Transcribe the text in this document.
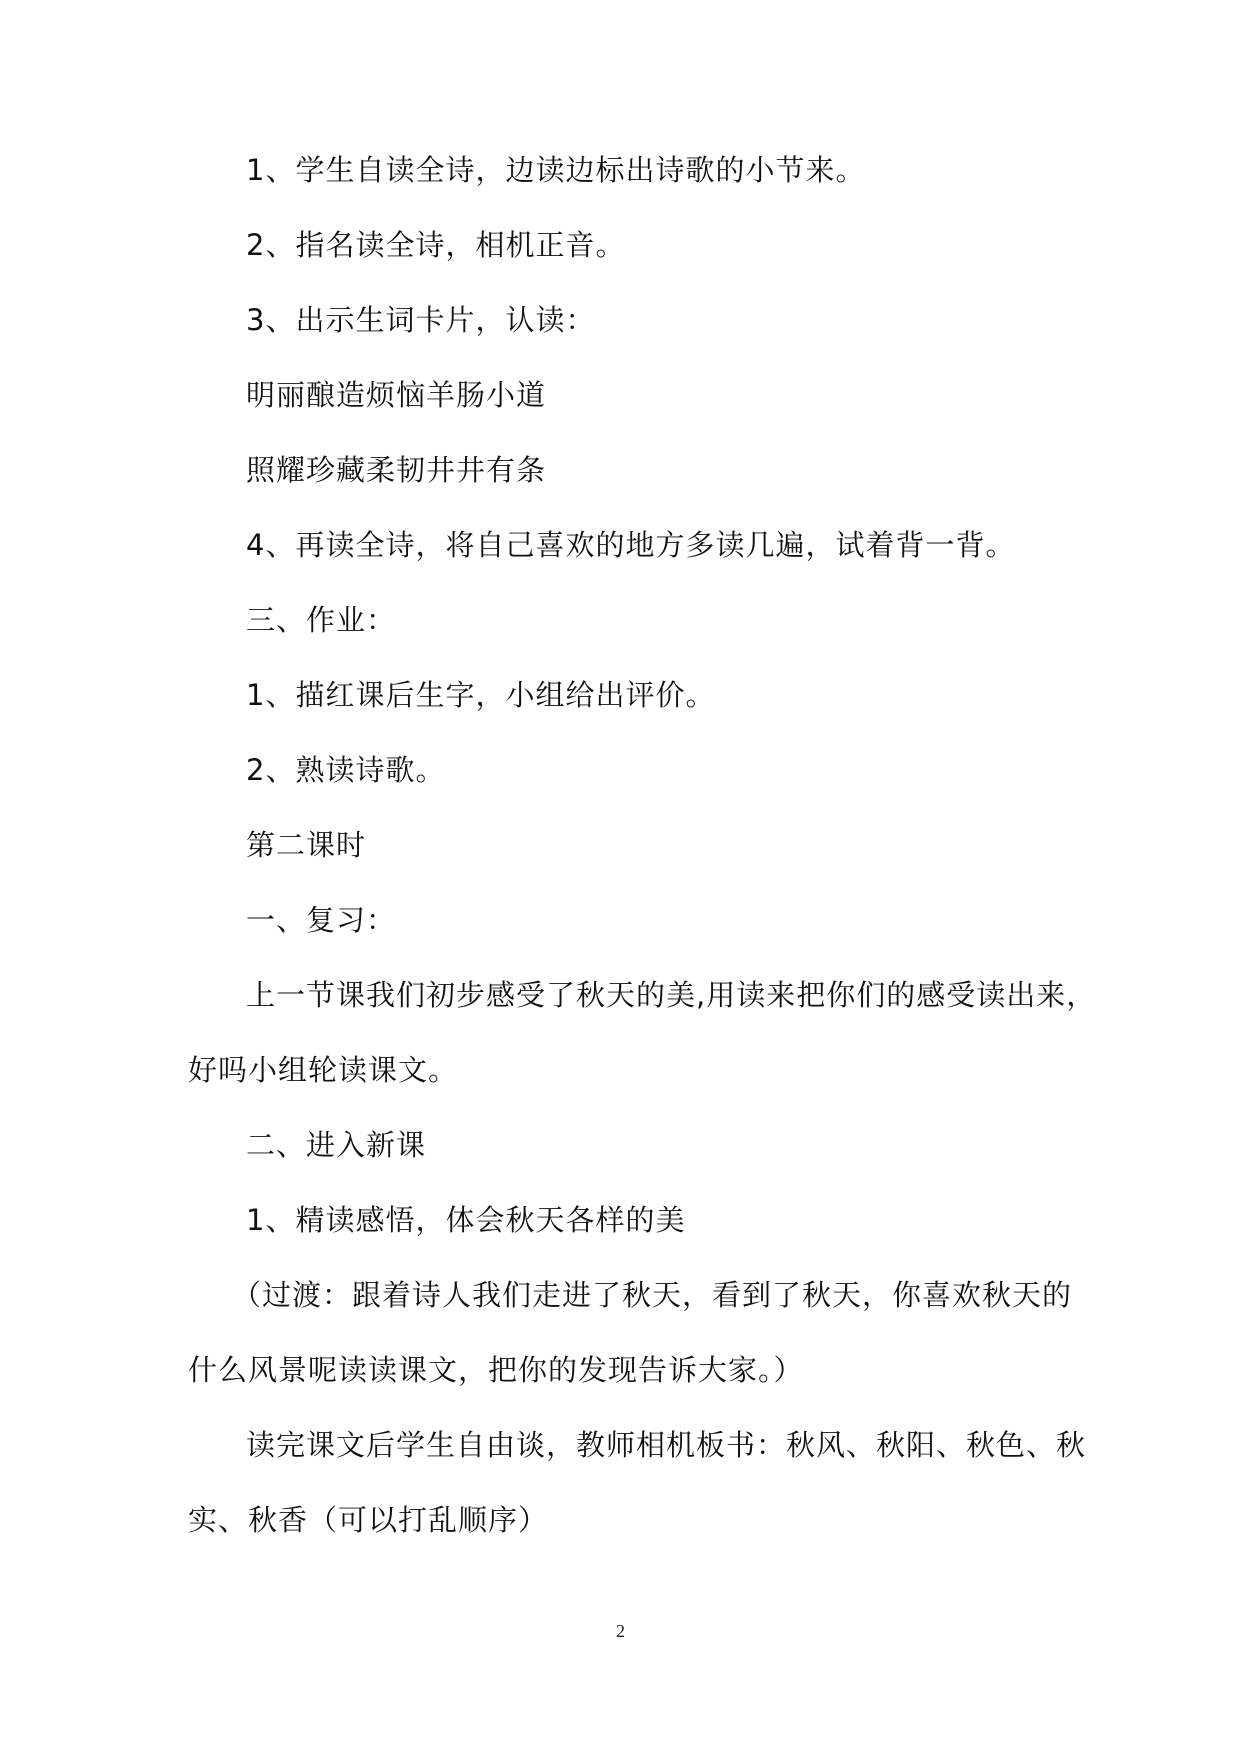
1、学生自读全诗，边读边标出诗歌的小节来。
2、指名读全诗，相机正音。
3、出示生词卡片，认读：
明丽酿造烦恼羊肠小道
照耀珍藏柔韧井井有条
4、再读全诗，将自己喜欢的地方多读几遍，试着背一背。
三、作业：
1、描红课后生字，小组给出评价。
2、熟读诗歌。
第二课时
一、复习：
上一节课我们初步感受了秋天的美,用读来把你们的感受读出来，
好吗小组轮读课文。
二、进入新课
1、精读感悟，体会秋天各样的美
（过渡：跟着诗人我们走进了秋天，看到了秋天，你喜欢秋天的
什么风景呢读读课文，把你的发现告诉大家。）
读完课文后学生自由谈，教师相机板书：秋风、秋阳、秋色、秋
实、秋香（可以打乱顺序）
2
